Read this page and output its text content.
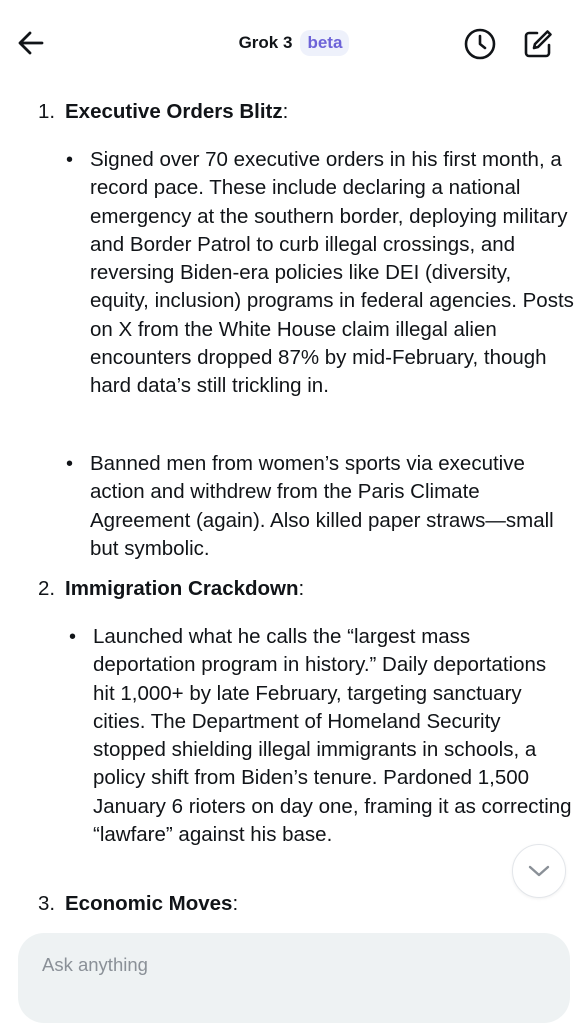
Grok 3 beta
1. Executive Orders Blitz:
• Signed over 70 executive orders in his first month, a record pace. These include declaring a national emergency at the southern border, deploying military and Border Patrol to curb illegal crossings, and reversing Biden-era policies like DEI (diversity, equity, inclusion) programs in federal agencies. Posts on X from the White House claim illegal alien encounters dropped 87% by mid-February, though hard data’s still trickling in.

• Banned men from women’s sports via executive action and withdrew from the Paris Climate Agreement (again). Also killed paper straws—small but symbolic.

2. Immigration Crackdown:
• Launched what he calls the “largest mass deportation program in history.” Daily deportations hit 1,000+ by late February, targeting sanctuary cities. The Department of Homeland Security stopped shielding illegal immigrants in schools, a policy shift from Biden’s tenure. Pardoned 1,500 January 6 rioters on day one, framing it as correcting “lawfare” against his base.

3. Economic Moves:
Ask anything
